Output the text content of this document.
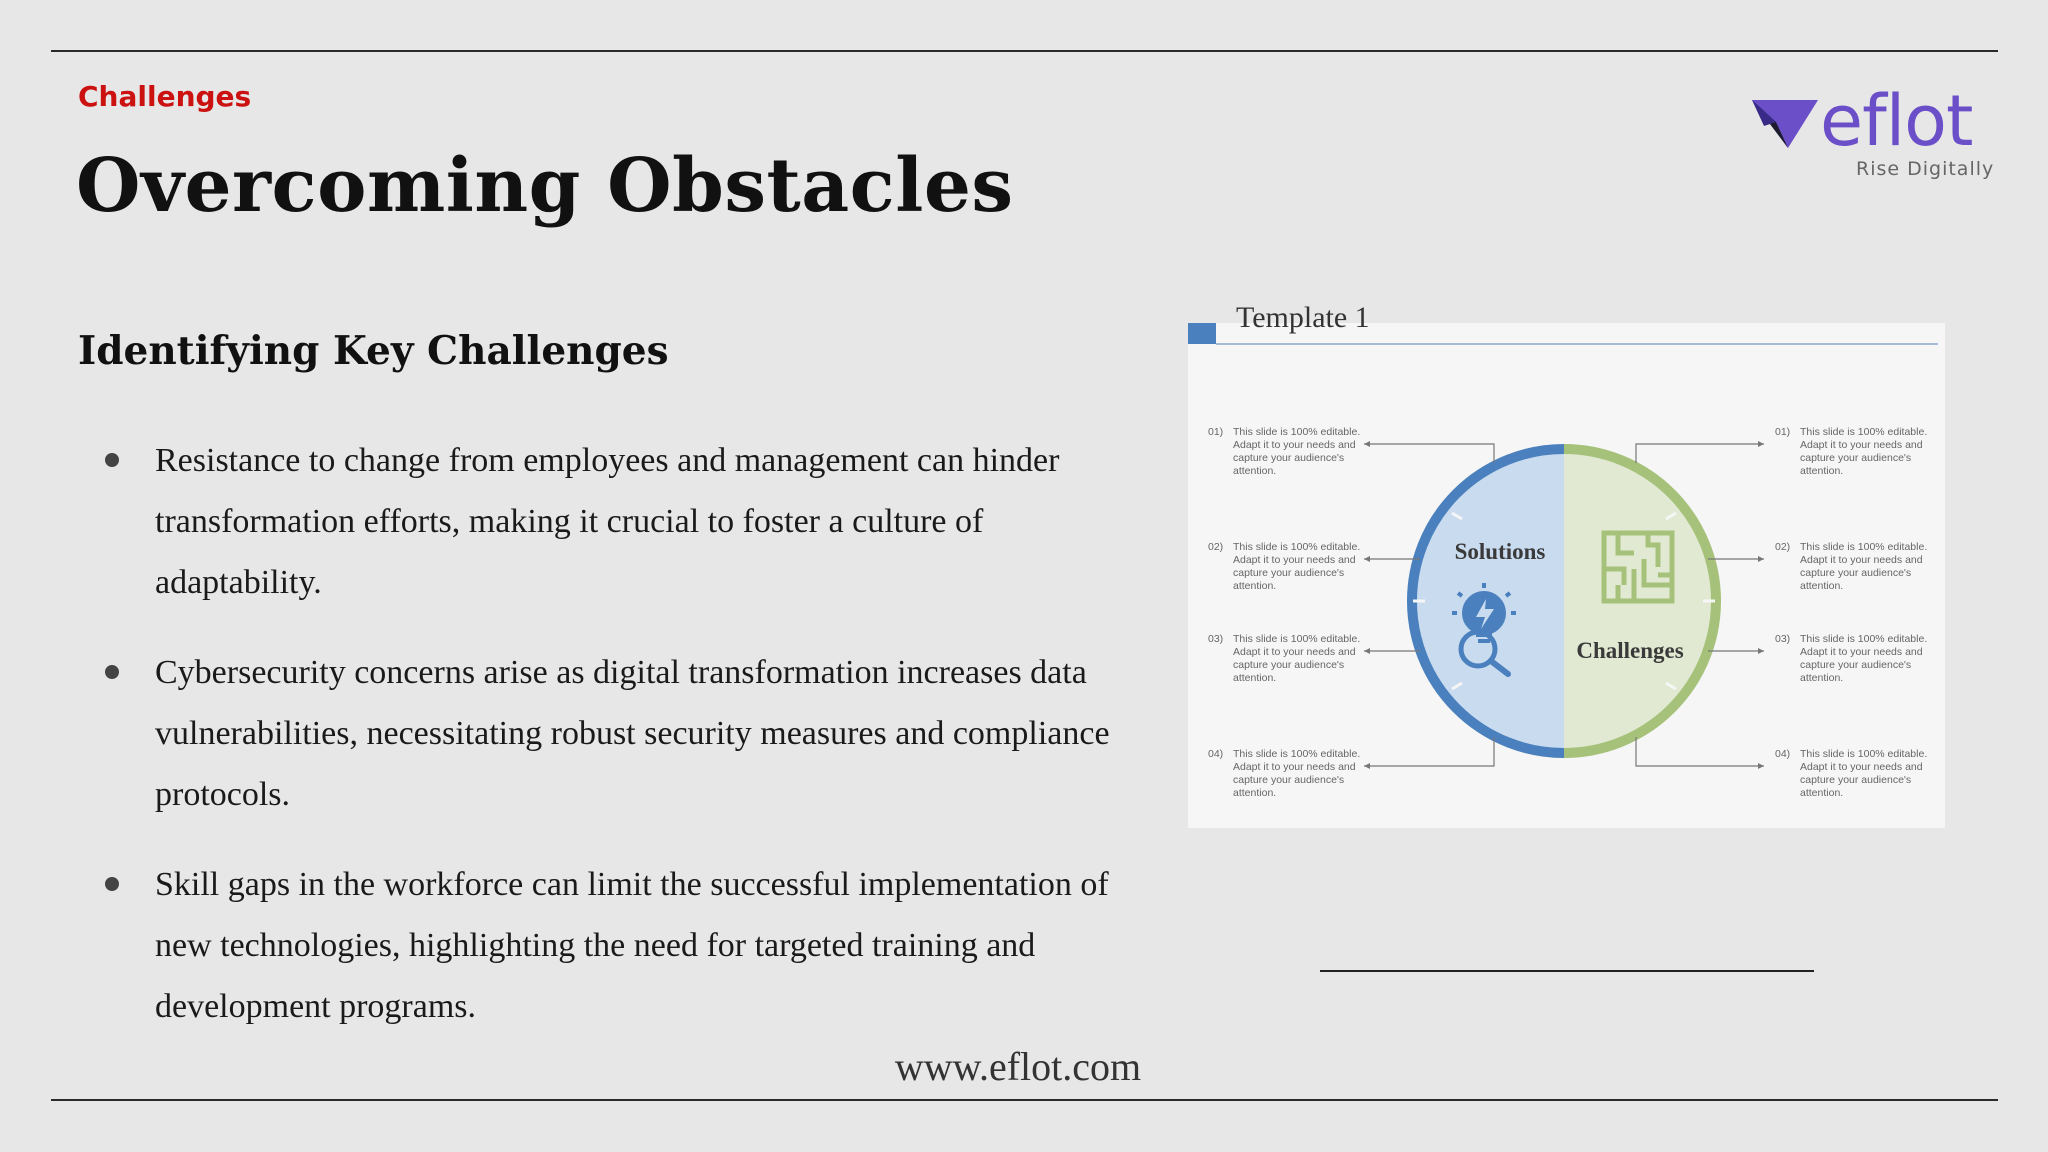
Challenges
Overcoming Obstacles
eflot
Rise Digitally
Identifying Key Challenges
Resistance to change from employees and management can hinder transformation efforts, making it crucial to foster a culture of adaptability.
Cybersecurity concerns arise as digital transformation increases data vulnerabilities, necessitating robust security measures and compliance protocols.
Skill gaps in the workforce can limit the successful implementation of new technologies, highlighting the need for targeted training and development programs.
Template 1
Solutions
Challenges
01) This slide is 100% editable.
Adapt it to your needs and
capture your audience's
attention.
02) This slide is 100% editable.
Adapt it to your needs and
capture your audience's
attention.
03) This slide is 100% editable.
Adapt it to your needs and
capture your audience's
attention.
04) This slide is 100% editable.
Adapt it to your needs and
capture your audience's
attention.
01) This slide is 100% editable.
Adapt it to your needs and
capture your audience's
attention.
02) This slide is 100% editable.
Adapt it to your needs and
capture your audience's
attention.
03) This slide is 100% editable.
Adapt it to your needs and
capture your audience's
attention.
04) This slide is 100% editable.
Adapt it to your needs and
capture your audience's
attention.
www.eflot.com
